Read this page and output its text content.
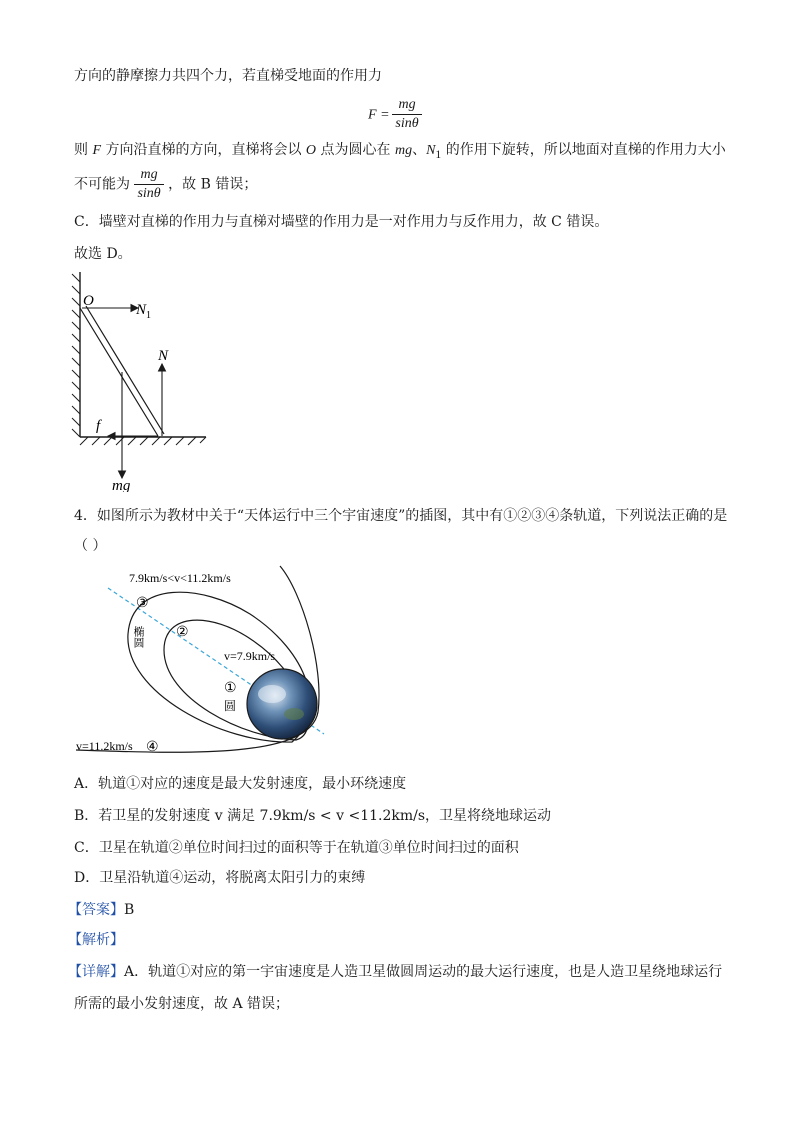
方向的静摩擦力共四个力，若直梯受地面的作用力
$F = \frac{mg}{\sin\theta}$
则 F 方向沿直梯的方向，直梯将会以 O 点为圆心在 mg、$N_1$ 的作用下旋转，所以地面对直梯的作用力大小
不可能为 $\frac{mg}{\sin\theta}$ ，故 B 错误；
C．墙壁对直梯的作用力与直梯对墙壁的作用力是一对作用力与反作用力，故 C 错误。
故选 D。
O
$N_1$
N
f
mg
4．如图所示为教材中关于“天体运行中三个宇宙速度”的插图，其中有①②③④条轨道，下列说法正确的是
（ ）
7.9km/s<v<11.2km/s
③
椭圆 ②
v=7.9km/s
①
圆
v=11.2km/s ④
A．轨道①对应的速度是最大发射速度，最小环绕速度
B．若卫星的发射速度 v 满足 7.9km/s < v <11.2km/s，卫星将绕地球运动
C．卫星在轨道②单位时间扫过的面积等于在轨道③单位时间扫过的面积
D．卫星沿轨道④运动，将脱离太阳引力的束缚
【答案】B
【解析】
【详解】A．轨道①对应的第一宇宙速度是人造卫星做圆周运动的最大运行速度，也是人造卫星绕地球运行
所需的最小发射速度，故 A 错误；
